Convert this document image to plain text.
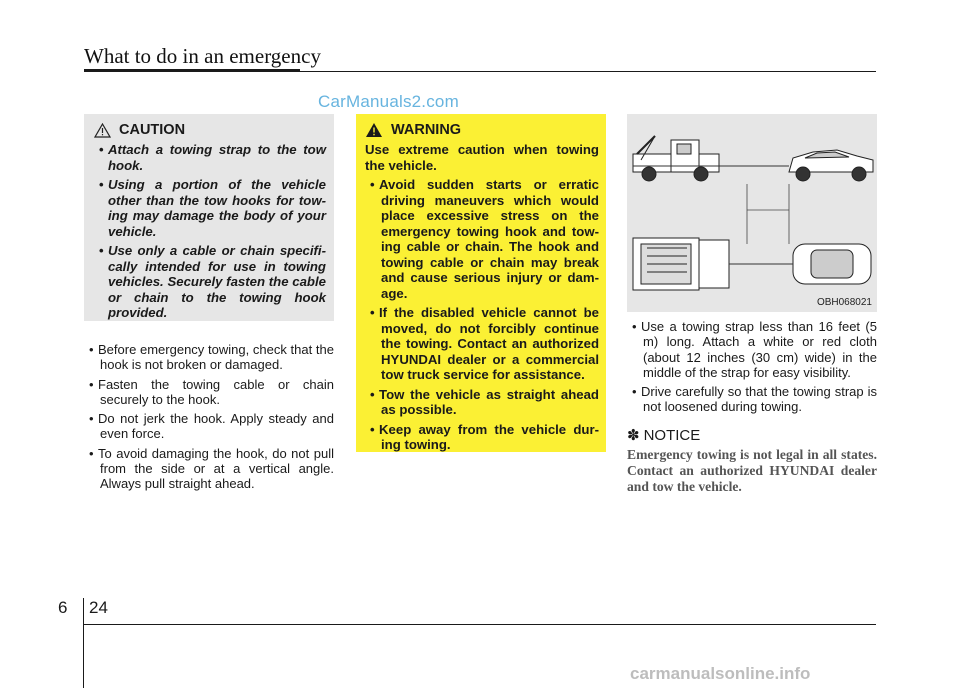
What to do in an emergency
CarManuals2.com
CAUTION
• Attach a towing strap to the tow hook.
• Using a portion of the vehicle other than the tow hooks for tow-ing may damage the body of your vehicle.
• Use only a cable or chain specifi-cally intended for use in towing vehicles. Securely fasten the cable or chain to the towing hook provided.
• Before emergency towing, check that the hook is not broken or damaged.
• Fasten the towing cable or chain securely to the hook.
• Do not jerk the hook. Apply steady and even force.
• To avoid damaging the hook, do not pull from the side or at a vertical angle. Always pull straight ahead.
WARNING
Use extreme caution when towing the vehicle.
• Avoid sudden starts or erratic driving maneuvers which would place excessive stress on the emergency towing hook and tow-ing cable or chain. The hook and towing cable or chain may break and cause serious injury or dam-age.
• If the disabled vehicle cannot be moved, do not forcibly continue the towing. Contact an authorized HYUNDAI dealer or a commercial tow truck service for assistance.
• Tow the vehicle as straight ahead as possible.
• Keep away from the vehicle dur-ing towing.
OBH068021
• Use a towing strap less than 16 feet (5 m) long. Attach a white or red cloth (about 12 inches (30 cm) wide) in the middle of the strap for easy visibility.
• Drive carefully so that the towing strap is not loosened during towing.
✽ NOTICE
Emergency towing is not legal in all states. Contact an authorized HYUNDAI dealer and tow the vehicle.
6 24
carmanualsonline.info
